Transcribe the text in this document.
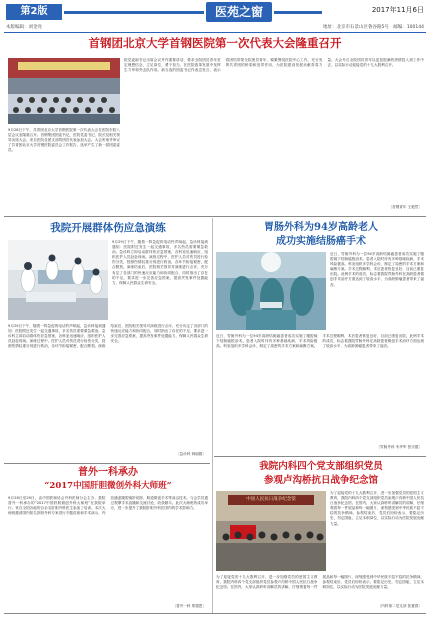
第2版	医苑之窗	2017年11月6日
本版编辑：刘金亮	地址：北京市石景山区鲁谷路5号　邮编：100144
首钢团北京大学首钢医院第一次代表大会隆重召开
9月28日下午，共青团北京大学首钢医院第一次代表大会在医院东院八层会议室隆重召开。首钢集团团委书记，医院党委书记、院长及相关领导出席大会。来自医院各团支部的团员代表参加大会。大会听取并审议了共青团北京大学首钢医院委员会工作报告，选举产生了新一届团委委员。
院党委副书记出席会议并作重要讲话，要求全院团员青年坚定理想信念，立足岗位，勇于担当，在医院改革发展中发挥生力军和突击队作用。新当选的团委书记作表态发言，表示将团结带领全院团员青年，紧紧围绕医院中心工作，充分发挥共青团的桥梁和纽带作用，为医院建设发展贡献青春力量。大会号召全院团员青年以更加饱满的热情投入到工作中去，以实际行动迎接党的十九大胜利召开。
〔首钢青年 王艳然〕
我院开展群体伤应急演练
9月29日下午，随着一阵急促的电话铃声响起，急诊科接到通知：医院附近发生一起交通事故，多名伤员需要紧急救治。急诊科立即启动群体伤应急预案，各科室迅速响应，组织医护人员赶赴现场。演练过程中，医护人员对伤员进行检伤分类，按照伤情轻重分别进行救治，各环节衔接紧密，配合默契。演练结束后，医院相关领导对演练进行点评，充分肯定了各部门的快速反应能力和协同配合，同时指出了存在的不足，要求进一步完善应急预案，提高突发事件处置能力，保障人民群众生命安全。
9月29日下午，随着一阵急促的电话铃声响起，急诊科接到通知：医院附近发生一起交通事故，多名伤员需要紧急救治。急诊科立即启动群体伤应急预案，各科室迅速响应，组织医护人员赶赴现场。演练过程中，医护人员对伤员进行检伤分类，按照伤情轻重分别进行救治，各环节衔接紧密，配合默契。演练结束后，医院相关领导对演练进行点评，充分肯定了各部门的快速反应能力和协同配合，同时指出了存在的不足，要求进一步完善应急预案，提高突发事件处置能力，保障人民群众生命安全。
〔急诊科 韩丽娟〕
胃肠外科为94岁高龄老人
成功实施结肠癌手术
近日，胃肠外科为一位94岁高龄结肠癌患者成功实施了腹腔镜下结肠癌根治术。患者入院时伴有多种基础疾病，手术风险极高。科室组织多学科会诊，制定了周密的手术方案和麻醉方案。手术过程顺利，术后患者恢复良好，目前已康复出院。此例手术的成功，标志着我院胃肠外科在高龄患者微创手术治疗方面达到了较高水平，为高龄肿瘤患者带来了福音。
近日，胃肠外科为一位94岁高龄结肠癌患者成功实施了腹腔镜下结肠癌根治术。患者入院时伴有多种基础疾病，手术风险极高。科室组织多学科会诊，制定了周密的手术方案和麻醉方案。手术过程顺利，术后患者恢复良好，目前已康复出院。此例手术的成功，标志着我院胃肠外科在高龄患者微创手术治疗方面达到了较高水平，为高龄肿瘤患者带来了福音。
〔胃肠外科 朱华军 张宗德〕
我院内科四个党支部组织党员
参观卢沟桥抗日战争纪念馆
中国人民抗日战争纪念馆
为了迎接党的十九大胜利召开，进一步加强党员的爱国主义教育，我院内科四个党支部组织党员参观卢沟桥中国人民抗日战争纪念馆。在馆内，大家认真聆听讲解员的讲解，仔细观看每一件展品和每一幅图片，深刻感受到中华民族不屈不挠的抗争精神。参观结束后，党员们纷纷表示，要铭记历史，勿忘国耻，立足本职岗位，以实际行动为医院发展贡献力量。
为了迎接党的十九大胜利召开，进一步加强党员的爱国主义教育，我院内科四个党支部组织党员参观卢沟桥中国人民抗日战争纪念馆。在馆内，大家认真聆听讲解员的讲解，仔细观看每一件展品和每一幅图片，深刻感受到中华民族不屈不挠的抗争精神。参观结束后，党员们纷纷表示，要铭记历史，勿忘国耻，立足本职岗位，以实际行动为医院发展贡献力量。
〔内科第二党支部 张夏群〕
普外一科承办
“2017中国肝胆微创外科大师班”
9月28日至29日，由中国医师协会外科医师分会主办、我院普外一科承办的“2017中国肝胆微创外科大师班”在我院举行。来自全国各地的百余名肝胆外科医生参加了培训。本次大师班邀请国内知名肝胆外科专家进行专题讲座和手术演示，内容涵盖腹腔镜肝切除、胆道微创手术等前沿技术。与会学员通过观摩手术直播和交流讨论，收获颇丰。此次大师班的成功举办，进一步提升了我院肝胆外科在国内的学术影响力。
〔普外一科 郑德恩〕
